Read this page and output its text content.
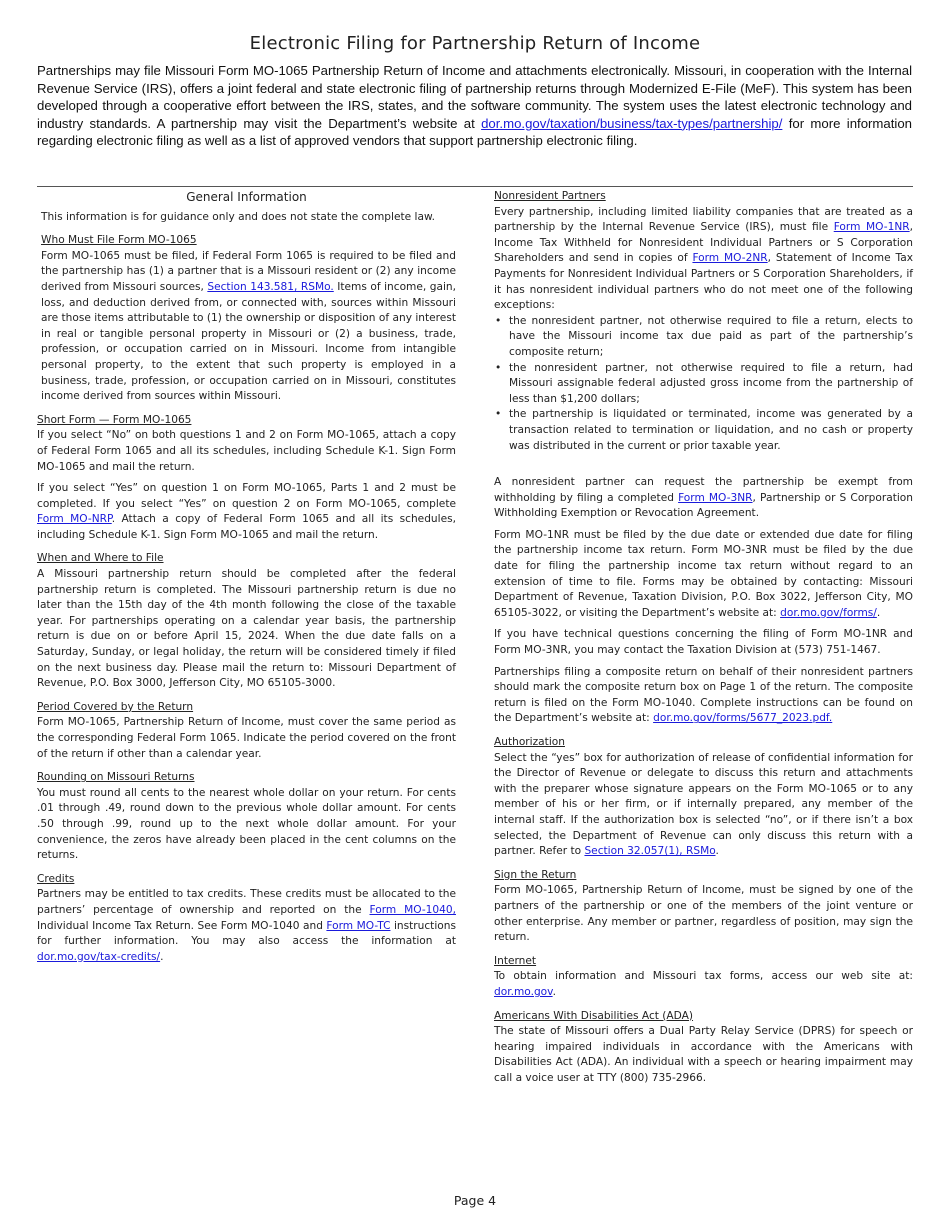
Electronic Filing for Partnership Return of Income
Partnerships may file Missouri Form MO-1065 Partnership Return of Income and attachments electronically. Missouri, in cooperation with the Internal Revenue Service (IRS), offers a joint federal and state electronic filing of partnership returns through Modernized E-File (MeF). This system has been developed through a cooperative effort between the IRS, states, and the software community. The system uses the latest electronic technology and industry standards. A partnership may visit the Department’s website at dor.mo.gov/taxation/business/tax-types/partnership/ for more information regarding electronic filing as well as a list of approved vendors that support partnership electronic filing.
General Information

This information is for guidance only and does not state the complete law.

Who Must File Form MO-1065

Form MO-1065 must be filed, if Federal Form 1065 is required to be filed and the partnership has (1) a partner that is a Missouri resident or (2) any income derived from Missouri sources, Section 143.581, RSMo. Items of income, gain, loss, and deduction derived from, or connected with, sources within Missouri are those items attributable to (1) the ownership or disposition of any interest in real or tangible personal property in Missouri or (2) a business, trade, profession, or occupation carried on in Missouri. Income from intangible personal property, to the extent that such property is employed in a business, trade, profession, or occupation carried on in Missouri, constitutes income derived from sources within Missouri.

Short Form — Form MO-1065

If you select “No” on both questions 1 and 2 on Form MO-1065, attach a copy of Federal Form 1065 and all its schedules, including Schedule K-1. Sign Form MO-1065 and mail the return.

If you select “Yes” on question 1 on Form MO-1065, Parts 1 and 2 must be completed. If you select “Yes” on question 2 on Form MO-1065, complete Form MO-NRP. Attach a copy of Federal Form 1065 and all its schedules, including Schedule K-1. Sign Form MO-1065 and mail the return.

When and Where to File

A Missouri partnership return should be completed after the federal partnership return is completed. The Missouri partnership return is due no later than the 15th day of the 4th month following the close of the taxable year. For partnerships operating on a calendar year basis, the partnership return is due on or before April 15, 2024. When the due date falls on a Saturday, Sunday, or legal holiday, the return will be considered timely if filed on the next business day. Please mail the return to: Missouri Department of Revenue, P.O. Box 3000, Jefferson City, MO 65105-3000.

Period Covered by the Return

Form MO-1065, Partnership Return of Income, must cover the same period as the corresponding Federal Form 1065. Indicate the period covered on the front of the return if other than a calendar year.

Rounding on Missouri Returns

You must round all cents to the nearest whole dollar on your return. For cents .01 through .49, round down to the previous whole dollar amount. For cents .50 through .99, round up to the next whole dollar amount. For your convenience, the zeros have already been placed in the cent columns on the returns.

Credits

Partners may be entitled to tax credits. These credits must be allocated to the partners’ percentage of ownership and reported on the Form MO-1040, Individual Income Tax Return. See Form MO-1040 and Form MO-TC instructions for further information. You may also access the information at dor.mo.gov/tax-credits/.

Nonresident Partners

Every partnership, including limited liability companies that are treated as a partnership by the Internal Revenue Service (IRS), must file Form MO-1NR, Income Tax Withheld for Nonresident Individual Partners or S Corporation Shareholders and send in copies of Form MO-2NR, Statement of Income Tax Payments for Nonresident Individual Partners or S Corporation Shareholders, if it has nonresident individual partners who do not meet one of the following exceptions:

• the nonresident partner, not otherwise required to file a return, elects to have the Missouri income tax due paid as part of the partnership’s composite return;
• the nonresident partner, not otherwise required to file a return, had Missouri assignable federal adjusted gross income from the partnership of less than $1,200 dollars;
• the partnership is liquidated or terminated, income was generated by a transaction related to termination or liquidation, and no cash or property was distributed in the current or prior taxable year.

A nonresident partner can request the partnership be exempt from withholding by filing a completed Form MO-3NR, Partnership or S Corporation Withholding Exemption or Revocation Agreement.

Form MO-1NR must be filed by the due date or extended due date for filing the partnership income tax return. Form MO-3NR must be filed by the due date for filing the partnership income tax return without regard to an extension of time to file. Forms may be obtained by contacting: Missouri Department of Revenue, Taxation Division, P.O. Box 3022, Jefferson City, MO 65105-3022, or visiting the Department’s website at: dor.mo.gov/forms/.

If you have technical questions concerning the filing of Form MO-1NR and Form MO-3NR, you may contact the Taxation Division at (573) 751-1467.

Partnerships filing a composite return on behalf of their nonresident partners should mark the composite return box on Page 1 of the return. The composite return is filed on the Form MO-1040. Complete instructions can be found on the Department’s website at: dor.mo.gov/forms/5677_2023.pdf.

Authorization

Select the “yes” box for authorization of release of confidential information for the Director of Revenue or delegate to discuss this return and attachments with the preparer whose signature appears on the Form MO-1065 or to any member of his or her firm, or if internally prepared, any member of the internal staff. If the authorization box is selected “no”, or if there isn’t a box selected, the Department of Revenue can only discuss this return with a partner. Refer to Section 32.057(1), RSMo.

Sign the Return

Form MO-1065, Partnership Return of Income, must be signed by one of the partners of the partnership or one of the members of the joint venture or other enterprise. Any member or partner, regardless of position, may sign the return.

Internet

To obtain information and Missouri tax forms, access our web site at: dor.mo.gov.

Americans With Disabilities Act (ADA)

The state of Missouri offers a Dual Party Relay Service (DPRS) for speech or hearing impaired individuals in accordance with the Americans with Disabilities Act (ADA). An individual with a speech or hearing impairment may call a voice user at TTY (800) 735-2966.

Page 4
